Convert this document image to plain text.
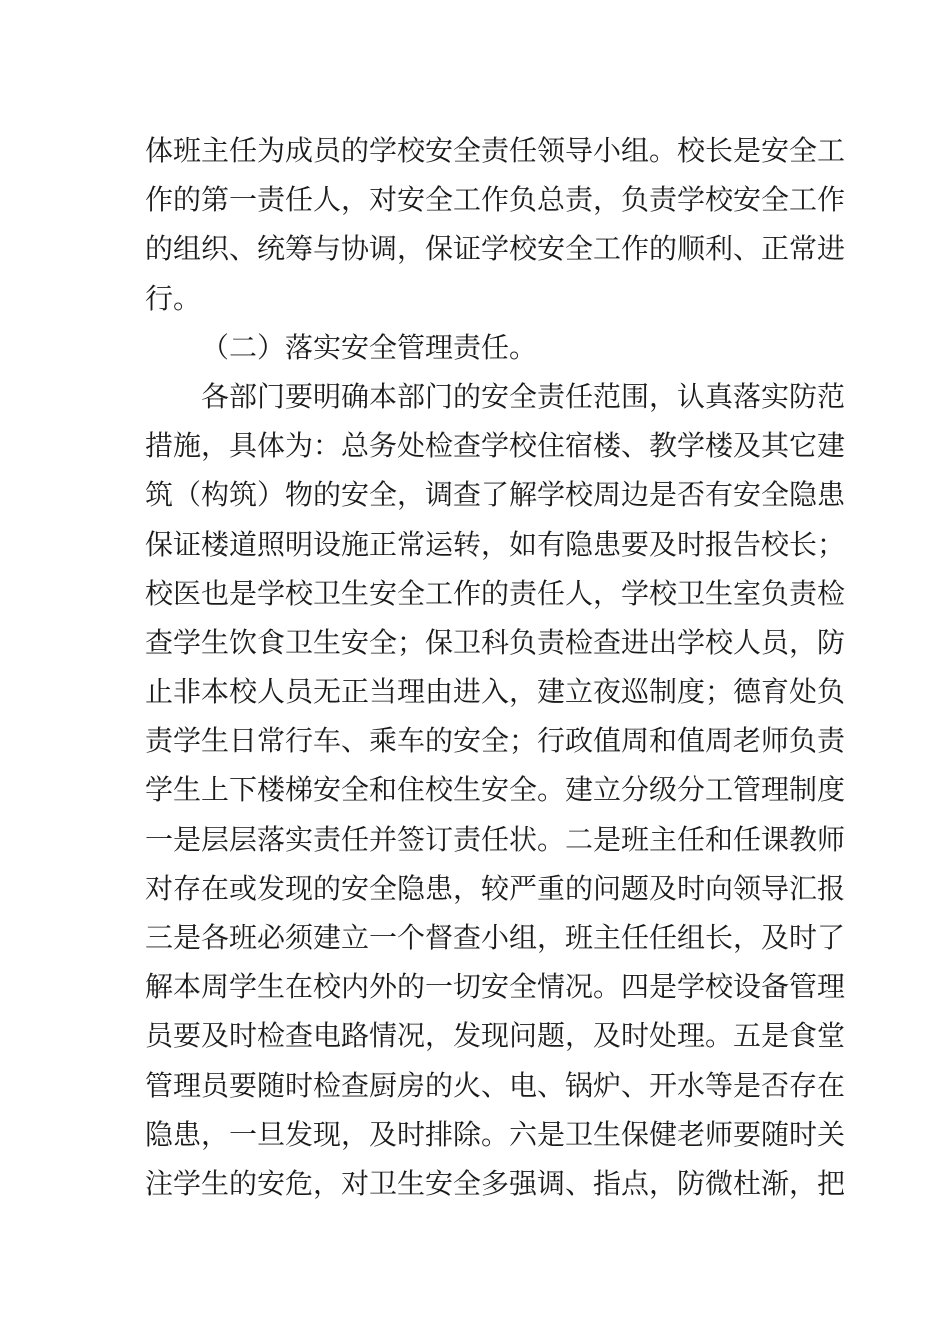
体班主任为成员的学校安全责任领导小组。校长是安全工
作的第一责任人，对安全工作负总责，负责学校安全工作
的组织、统筹与协调，保证学校安全工作的顺利、正常进
行。
（二）落实安全管理责任。
各部门要明确本部门的安全责任范围，认真落实防范
措施，具体为：总务处检查学校住宿楼、教学楼及其它建
筑（构筑）物的安全，调查了解学校周边是否有安全隐患
保证楼道照明设施正常运转，如有隐患要及时报告校长；
校医也是学校卫生安全工作的责任人，学校卫生室负责检
查学生饮食卫生安全；保卫科负责检查进出学校人员，防
止非本校人员无正当理由进入，建立夜巡制度；德育处负
责学生日常行车、乘车的安全；行政值周和值周老师负责
学生上下楼梯安全和住校生安全。建立分级分工管理制度
一是层层落实责任并签订责任状。二是班主任和任课教师
对存在或发现的安全隐患，较严重的问题及时向领导汇报
三是各班必须建立一个督查小组，班主任任组长，及时了
解本周学生在校内外的一切安全情况。四是学校设备管理
员要及时检查电路情况，发现问题，及时处理。五是食堂
管理员要随时检查厨房的火、电、锅炉、开水等是否存在
隐患，一旦发现，及时排除。六是卫生保健老师要随时关
注学生的安危，对卫生安全多强调、指点，防微杜渐，把
